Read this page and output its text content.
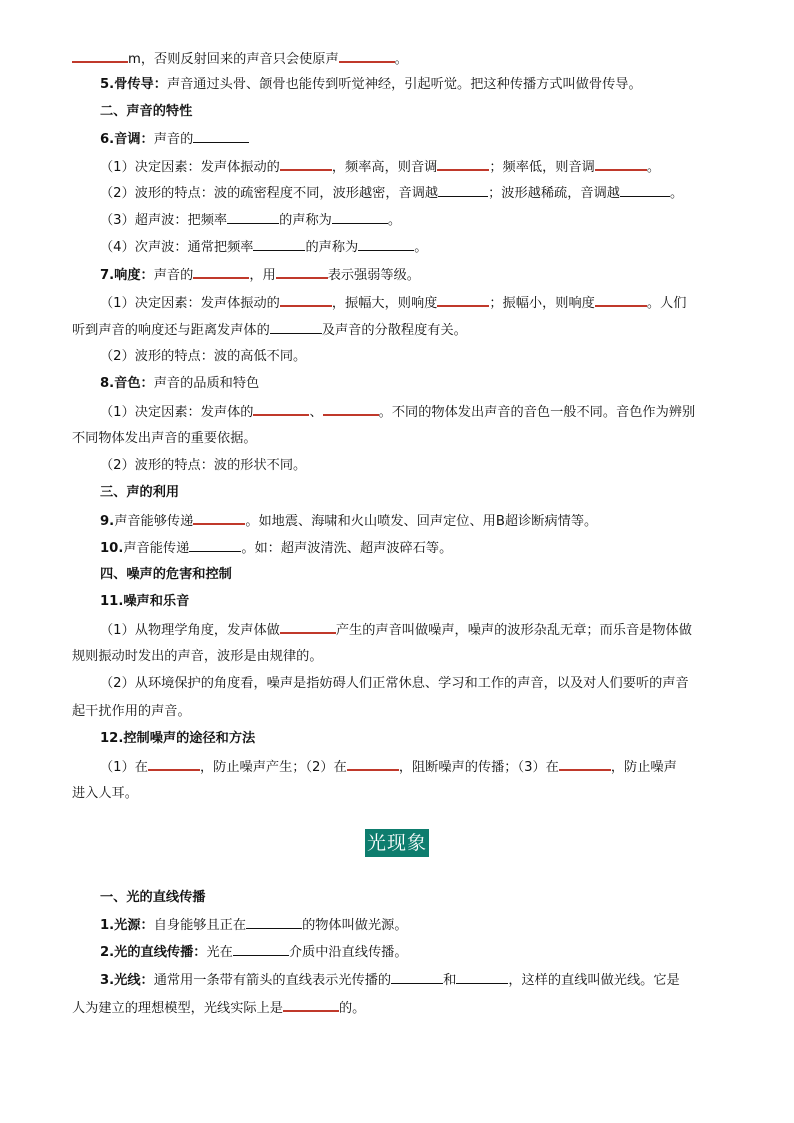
m，否则反射回来的声音只会使原声	。
5.骨传导：声音通过头骨、颌骨也能传到听觉神经，引起听觉。把这种传播方式叫做骨传导。
二、声音的特性
6.音调：声音的
（1）决定因素：发声体振动的	，频率高，则音调	；频率低，则音调	。
（2）波形的特点：波的疏密程度不同，波形越密，音调越	；波形越稀疏，音调越	。
（3）超声波：把频率	的声称为	。
（4）次声波：通常把频率	的声称为	。
7.响度：声音的	，用	表示强弱等级。
（1）决定因素：发声体振动的	，振幅大，则响度	；振幅小，则响度	。人们
听到声音的响度还与距离发声体的	及声音的分散程度有关。
（2）波形的特点：波的高低不同。
8.音色：声音的品质和特色
（1）决定因素：发声体的	、	。不同的物体发出声音的音色一般不同。音色作为辨别
不同物体发出声音的重要依据。
（2）波形的特点：波的形状不同。
三、声的利用
9.声音能够传递	。如地震、海啸和火山喷发、回声定位、用B超诊断病情等。
10.声音能传递	。如：超声波清洗、超声波碎石等。
四、噪声的危害和控制
11.噪声和乐音
（1）从物理学角度，发声体做	产生的声音叫做噪声，噪声的波形杂乱无章；而乐音是物体做
规则振动时发出的声音，波形是由规律的。
（2）从环境保护的角度看，噪声是指妨碍人们正常休息、学习和工作的声音，以及对人们要听的声音
起干扰作用的声音。
12.控制噪声的途径和方法
（1）在	，防止噪声产生；（2）在	，阻断噪声的传播；（3）在	，防止噪声
进入人耳。
光现象
一、光的直线传播
1.光源：自身能够且正在	的物体叫做光源。
2.光的直线传播：光在	介质中沿直线传播。
3.光线：通常用一条带有箭头的直线表示光传播的	和	，这样的直线叫做光线。它是
人为建立的理想模型，光线实际上是	的。
